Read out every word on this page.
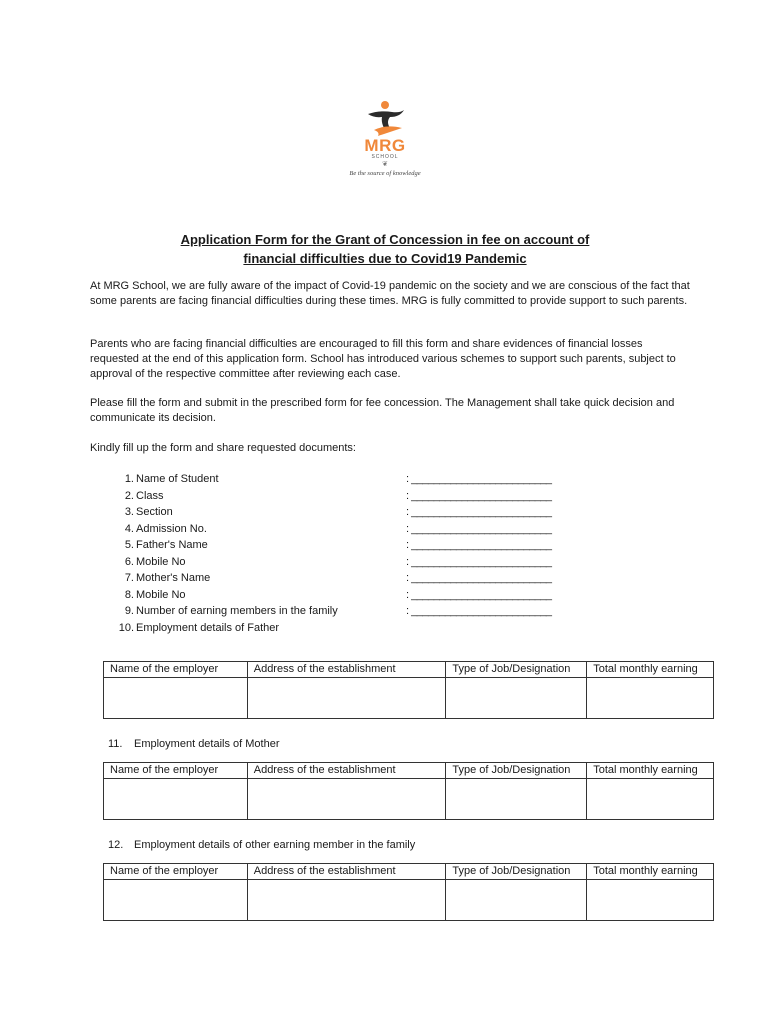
MRG
SCHOOL
❦
Be the source of knowledge
Application Form for the Grant of Concession in fee on account of
financial difficulties due to Covid19 Pandemic
At MRG School, we are fully aware of the impact of Covid-19 pandemic on the society and we are conscious of the fact that some parents are facing financial difficulties during these times. MRG is fully committed to provide support to such parents.
Parents who are facing financial difficulties are encouraged to fill this form and share evidences of financial losses requested at the end of this application form. School has introduced various schemes to support such parents, subject to approval of the respective committee after reviewing each case.
Please fill the form and submit in the prescribed form for fee concession. The Management shall take quick decision and communicate its decision.
Kindly fill up the form and share requested documents:
1. Name of Student	: _________________________
2. Class	: _________________________
3. Section	: _________________________
4. Admission No.	: _________________________
5. Father's Name	: _________________________
6. Mobile No	: _________________________
7. Mother's Name	: _________________________
8. Mobile No	: _________________________
9. Number of earning members in the family	: _________________________
10. Employment details of Father
Name of the employer	Address of the establishment	Type of Job/Designation	Total monthly earning

11. Employment details of Mother
Name of the employer	Address of the establishment	Type of Job/Designation	Total monthly earning

12. Employment details of other earning member in the family
Name of the employer	Address of the establishment	Type of Job/Designation	Total monthly earning
